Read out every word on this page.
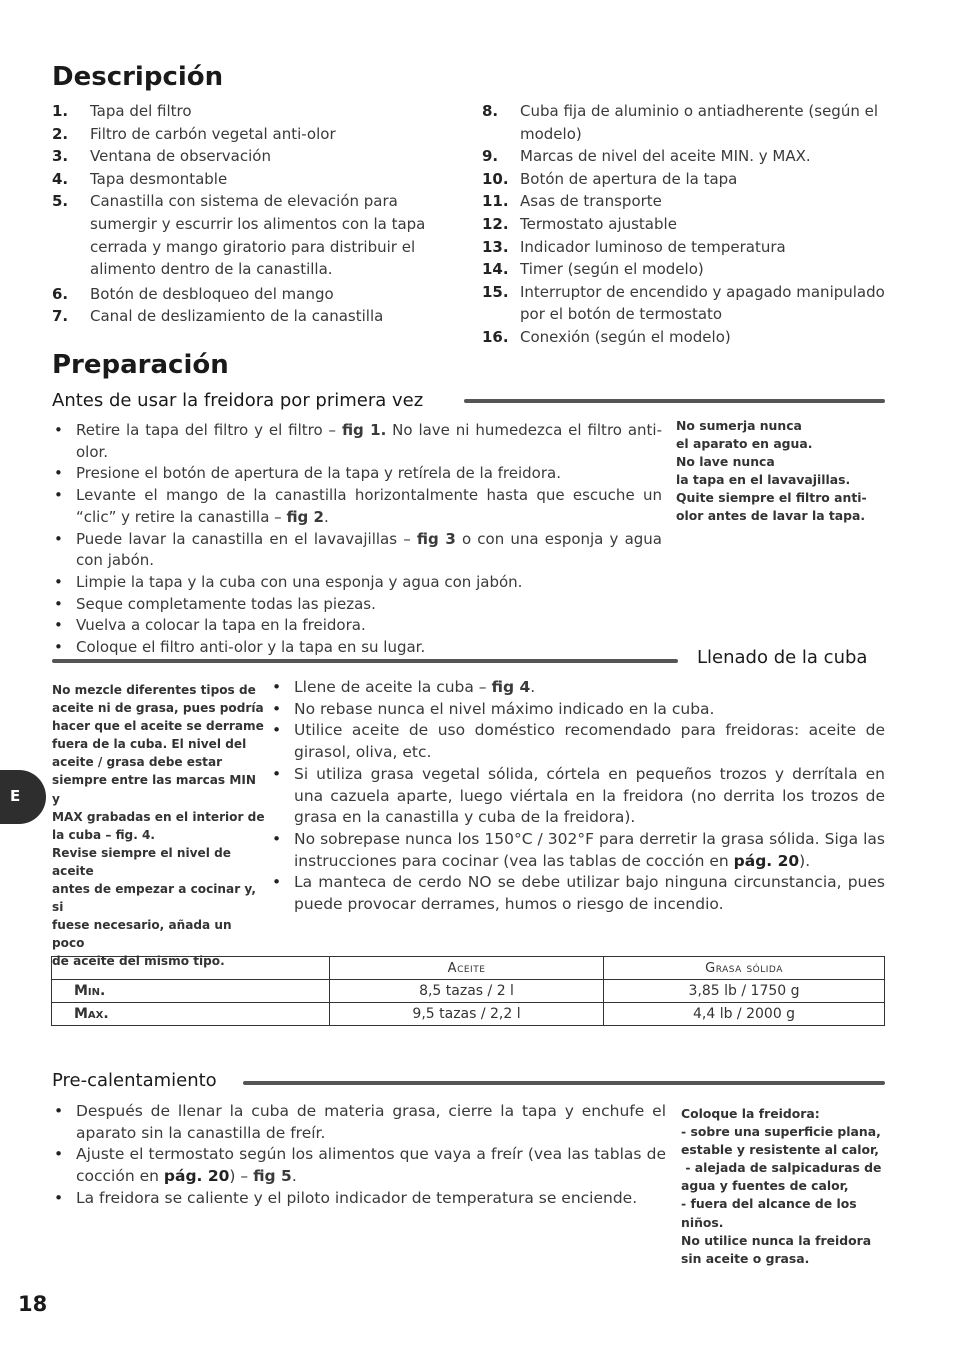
Descripción
1. Tapa del filtro
2. Filtro de carbón vegetal anti-olor
3. Ventana de observación
4. Tapa desmontable
5. Canastilla con sistema de elevación para sumergir y escurrir los alimentos con la tapa cerrada y mango giratorio para distribuir el alimento dentro de la canastilla.
6. Botón de desbloqueo del mango
7. Canal de deslizamiento de la canastilla
8. Cuba fija de aluminio o antiadherente (según el modelo)
9. Marcas de nivel del aceite MIN. y MAX.
10. Botón de apertura de la tapa
11. Asas de transporte
12. Termostato ajustable
13. Indicador luminoso de temperatura
14. Timer (según el modelo)
15. Interruptor de encendido y apagado manipulado por el botón de termostato
16. Conexión (según el modelo)
Preparación
Antes de usar la freidora por primera vez
• Retire la tapa del filtro y el filtro – fig 1. No lave ni humedezca el filtro anti-olor.
• Presione el botón de apertura de la tapa y retírela de la freidora.
• Levante el mango de la canastilla horizontalmente hasta que escuche un “clic” y retire la canastilla – fig 2.
• Puede lavar la canastilla en el lavavajillas – fig 3 o con una esponja y agua con jabón.
• Limpie la tapa y la cuba con una esponja y agua con jabón.
• Seque completamente todas las piezas.
• Vuelva a colocar la tapa en la freidora.
• Coloque el filtro anti-olor y la tapa en su lugar.
No sumerja nunca
el aparato en agua.
No lave nunca
la tapa en el lavavajillas.
Quite siempre el filtro anti-
olor antes de lavar la tapa.
Llenado de la cuba
No mezcle diferentes tipos de
aceite ni de grasa, pues podría
hacer que el aceite se derrame
fuera de la cuba. El nivel del
aceite / grasa debe estar
siempre entre las marcas MIN y
MAX grabadas en el interior de
la cuba – fig. 4.
Revise siempre el nivel de aceite
antes de empezar a cocinar y, si
fuese necesario, añada un poco
de aceite del mismo tipo.
• Llene de aceite la cuba – fig 4.
• No rebase nunca el nivel máximo indicado en la cuba.
• Utilice aceite de uso doméstico recomendado para freidoras: aceite de girasol, oliva, etc.
• Si utiliza grasa vegetal sólida, córtela en pequeños trozos y derrítala en una cazuela aparte, luego viértala en la freidora (no derrita los trozos de grasa en la canastilla y cuba de la freidora).
• No sobrepase nunca los 150°C / 302°F para derretir la grasa sólida. Siga las instrucciones para cocinar (vea las tablas de cocción en pág. 20).
• La manteca de cerdo NO se debe utilizar bajo ninguna circunstancia, pues puede provocar derrames, humos o riesgo de incendio.
	Aceite	Grasa sólida
Min.	8,5 tazas / 2 l	3,85 lb / 1750 g
Max.	9,5 tazas / 2,2 l	4,4 lb / 2000 g
Pre-calentamiento
• Después de llenar la cuba de materia grasa, cierre la tapa y enchufe el aparato sin la canastilla de freír.
• Ajuste el termostato según los alimentos que vaya a freír (vea las tablas de cocción en pág. 20) – fig 5.
• La freidora se caliente y el piloto indicador de temperatura se enciende.
Coloque la freidora:
- sobre una superficie plana,
estable y resistente al calor,
- alejada de salpicaduras de
agua y fuentes de calor,
- fuera del alcance de los
niños.
No utilice nunca la freidora
sin aceite o grasa.
E
18
